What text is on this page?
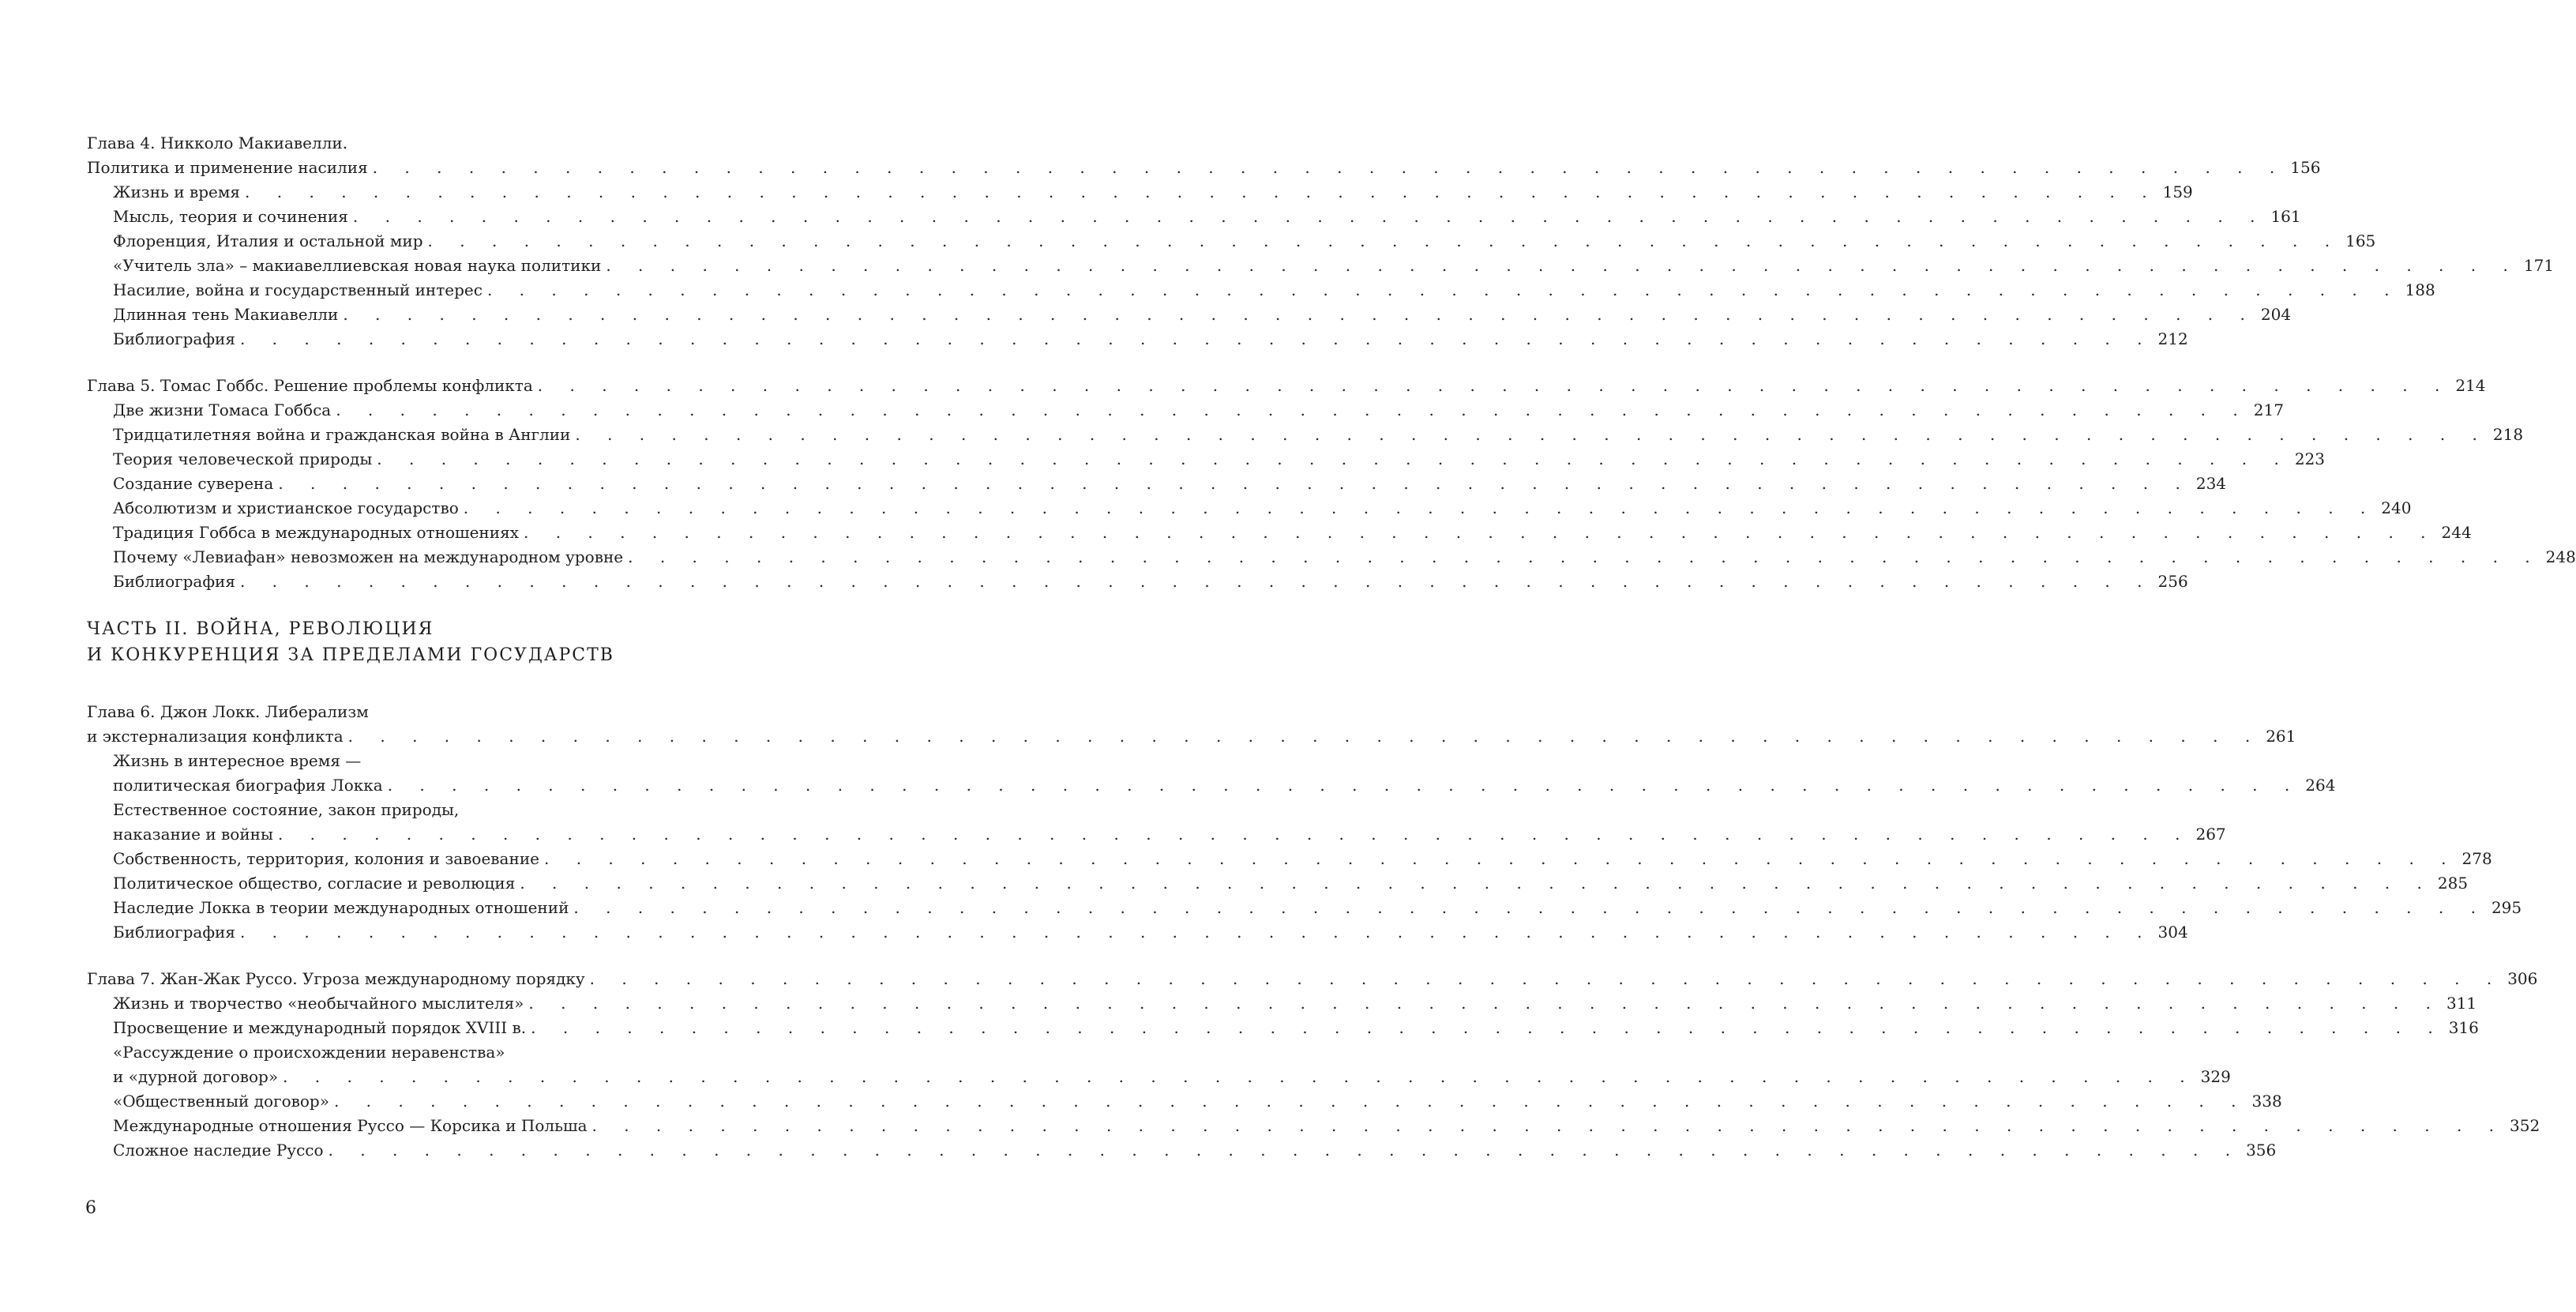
Глава 4. Никколо Макиавелли.
Политика и применение насилия . . . . . . . . . . . . . . . . . . . . . . . . . . . . . . . . . . . . . . . . . . . . . . . . . . . . . . . . . . . . 156
Жизнь и время . . . . . . . . . . . . . . . . . . . . . . . . . . . . . . . . . . . . . . . . . . . . . . . . . . . . . . . . . . . . 159
Мысль, теория и сочинения . . . . . . . . . . . . . . . . . . . . . . . . . . . . . . . . . . . . . . . . . . . . . . . . . . . . . . . . . . . . 161
Флоренция, Италия и остальной мир . . . . . . . . . . . . . . . . . . . . . . . . . . . . . . . . . . . . . . . . . . . . . . . . . . . . . . . . . . . . 165
«Учитель зла» – макиавеллиевская новая наука политики . . . . . . . . . . . . . . . . . . . . . . . . . . . . . . . . . . . . . . . . . . . . . . . . . . . . . . . . . . . . 171
Насилие, война и государственный интерес . . . . . . . . . . . . . . . . . . . . . . . . . . . . . . . . . . . . . . . . . . . . . . . . . . . . . . . . . . . . 188
Длинная тень Макиавелли . . . . . . . . . . . . . . . . . . . . . . . . . . . . . . . . . . . . . . . . . . . . . . . . . . . . . . . . . . . . 204
Библиография . . . . . . . . . . . . . . . . . . . . . . . . . . . . . . . . . . . . . . . . . . . . . . . . . . . . . . . . . . . . 212
Глава 5. Томас Гоббс. Решение проблемы конфликта . . . . . . . . . . . . . . . . . . . . . . . . . . . . . . . . . . . . . . . . . . . . . . . . . . . . . . . . . . . . 214
Две жизни Томаса Гоббса . . . . . . . . . . . . . . . . . . . . . . . . . . . . . . . . . . . . . . . . . . . . . . . . . . . . . . . . . . . . 217
Тридцатилетняя война и гражданская война в Англии . . . . . . . . . . . . . . . . . . . . . . . . . . . . . . . . . . . . . . . . . . . . . . . . . . . . . . . . . . . . 218
Теория человеческой природы . . . . . . . . . . . . . . . . . . . . . . . . . . . . . . . . . . . . . . . . . . . . . . . . . . . . . . . . . . . . 223
Создание суверена . . . . . . . . . . . . . . . . . . . . . . . . . . . . . . . . . . . . . . . . . . . . . . . . . . . . . . . . . . . . 234
Абсолютизм и христианское государство . . . . . . . . . . . . . . . . . . . . . . . . . . . . . . . . . . . . . . . . . . . . . . . . . . . . . . . . . . . . 240
Традиция Гоббса в международных отношениях . . . . . . . . . . . . . . . . . . . . . . . . . . . . . . . . . . . . . . . . . . . . . . . . . . . . . . . . . . . . 244
Почему «Левиафан» невозможен на международном уровне . . . . . . . . . . . . . . . . . . . . . . . . . . . . . . . . . . . . . . . . . . . . . . . . . . . . . . . . . . . . 248
Библиография . . . . . . . . . . . . . . . . . . . . . . . . . . . . . . . . . . . . . . . . . . . . . . . . . . . . . . . . . . . . 256
ЧАСТЬ II. ВОЙНА, РЕВОЛЮЦИЯ
И КОНКУРЕНЦИЯ ЗА ПРЕДЕЛАМИ ГОСУДАРСТВ
Глава 6. Джон Локк. Либерализм
и экстернализация конфликта . . . . . . . . . . . . . . . . . . . . . . . . . . . . . . . . . . . . . . . . . . . . . . . . . . . . . . . . . . . . 261
Жизнь в интересное время —
политическая биография Локка . . . . . . . . . . . . . . . . . . . . . . . . . . . . . . . . . . . . . . . . . . . . . . . . . . . . . . . . . . . . 264
Естественное состояние, закон природы,
наказание и войны . . . . . . . . . . . . . . . . . . . . . . . . . . . . . . . . . . . . . . . . . . . . . . . . . . . . . . . . . . . . 267
Собственность, территория, колония и завоевание . . . . . . . . . . . . . . . . . . . . . . . . . . . . . . . . . . . . . . . . . . . . . . . . . . . . . . . . . . . . 278
Политическое общество, согласие и революция . . . . . . . . . . . . . . . . . . . . . . . . . . . . . . . . . . . . . . . . . . . . . . . . . . . . . . . . . . . . 285
Наследие Локка в теории международных отношений . . . . . . . . . . . . . . . . . . . . . . . . . . . . . . . . . . . . . . . . . . . . . . . . . . . . . . . . . . . . 295
Библиография . . . . . . . . . . . . . . . . . . . . . . . . . . . . . . . . . . . . . . . . . . . . . . . . . . . . . . . . . . . . 304
Глава 7. Жан-Жак Руссо. Угроза международному порядку . . . . . . . . . . . . . . . . . . . . . . . . . . . . . . . . . . . . . . . . . . . . . . . . . . . . . . . . . . . . 306
Жизнь и творчество «необычайного мыслителя» . . . . . . . . . . . . . . . . . . . . . . . . . . . . . . . . . . . . . . . . . . . . . . . . . . . . . . . . . . . . 311
Просвещение и международный порядок XVIII в. . . . . . . . . . . . . . . . . . . . . . . . . . . . . . . . . . . . . . . . . . . . . . . . . . . . . . . . . . . . . 316
«Рассуждение о происхождении неравенства»
и «дурной договор» . . . . . . . . . . . . . . . . . . . . . . . . . . . . . . . . . . . . . . . . . . . . . . . . . . . . . . . . . . . . 329
«Общественный договор» . . . . . . . . . . . . . . . . . . . . . . . . . . . . . . . . . . . . . . . . . . . . . . . . . . . . . . . . . . . . 338
Международные отношения Руссо — Корсика и Польша . . . . . . . . . . . . . . . . . . . . . . . . . . . . . . . . . . . . . . . . . . . . . . . . . . . . . . . . . . . . 352
Сложное наследие Руссо . . . . . . . . . . . . . . . . . . . . . . . . . . . . . . . . . . . . . . . . . . . . . . . . . . . . . . . . . . . . 356
6
